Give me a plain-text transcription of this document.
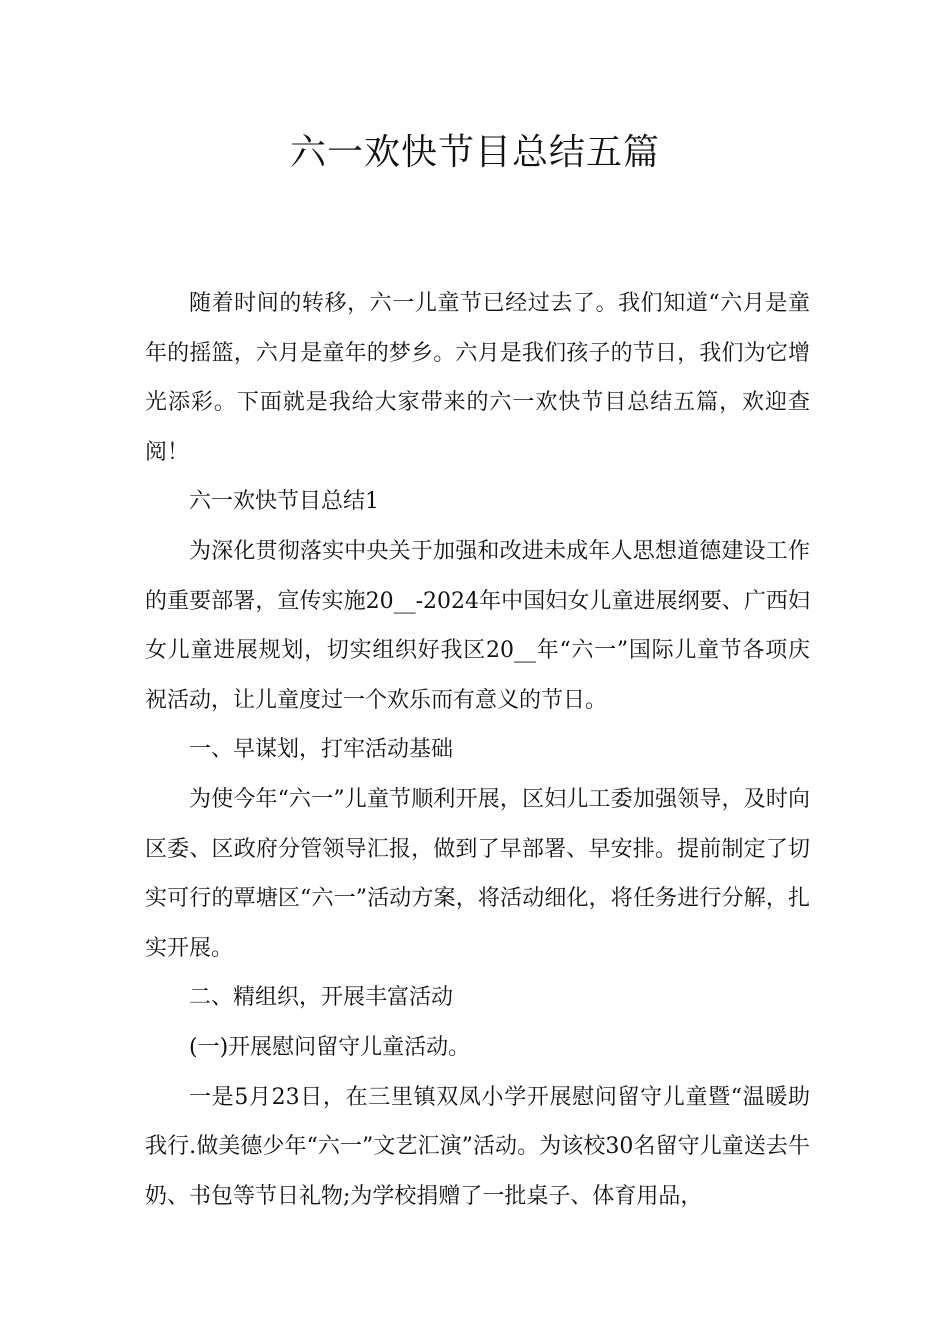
六一欢快节目总结五篇

随着时间的转移，六一儿童节已经过去了。我们知道“六月是童年的摇篮，六月是童年的梦乡。六月是我们孩子的节日，我们为它增光添彩。下面就是我给大家带来的六一欢快节目总结五篇，欢迎查阅！

六一欢快节目总结1

为深化贯彻落实中央关于加强和改进未成年人思想道德建设工作的重要部署，宣传实施20__-2024年中国妇女儿童进展纲要、广西妇女儿童进展规划，切实组织好我区20__年“六一”国际儿童节各项庆祝活动，让儿童度过一个欢乐而有意义的节日。

一、早谋划，打牢活动基础

为使今年“六一”儿童节顺利开展，区妇儿工委加强领导，及时向区委、区政府分管领导汇报，做到了早部署、早安排。提前制定了切实可行的覃塘区“六一”活动方案，将活动细化，将任务进行分解，扎实开展。

二、精组织，开展丰富活动

(一)开展慰问留守儿童活动。

一是5月23日，在三里镇双凤小学开展慰问留守儿童暨“温暖助我行.做美德少年“六一”文艺汇演”活动。为该校30名留守儿童送去牛奶、书包等节日礼物;为学校捐赠了一批桌子、体育用品，
